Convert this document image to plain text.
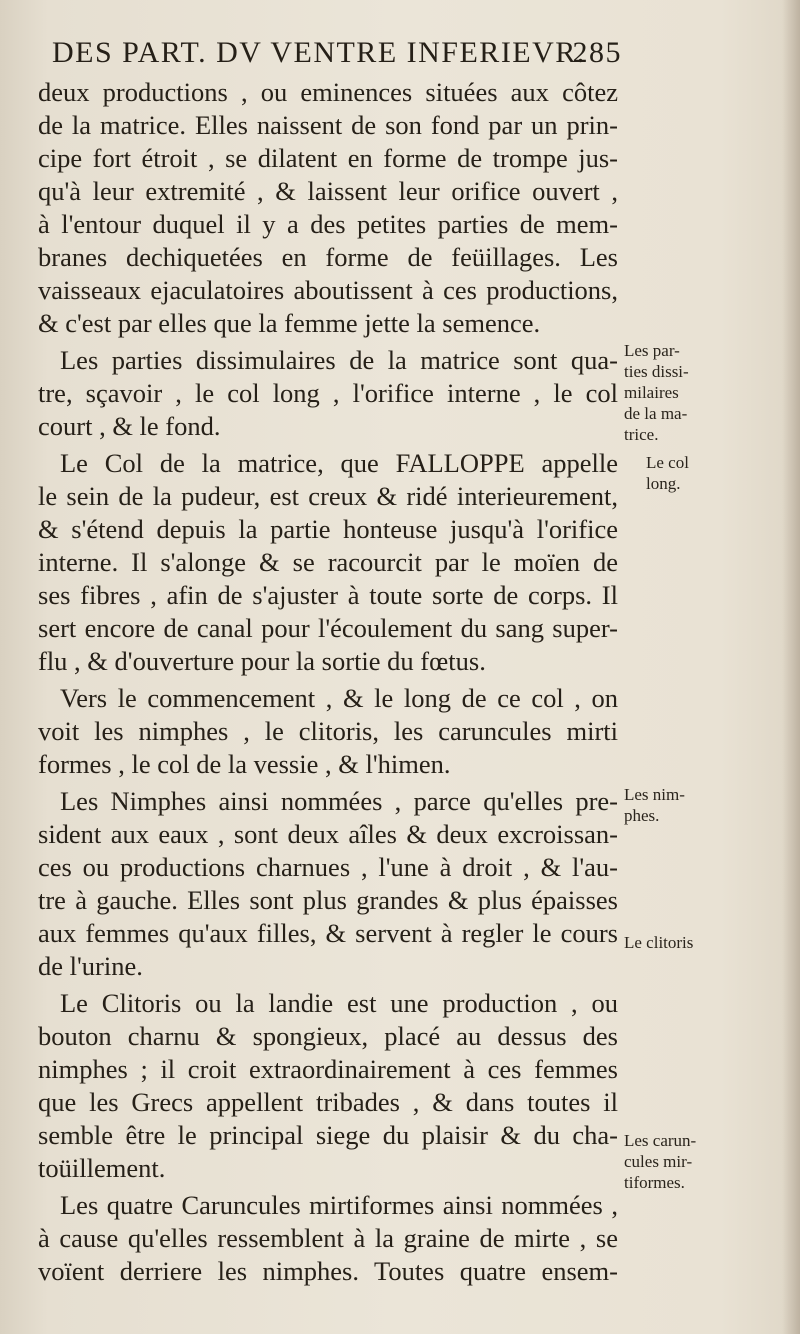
DES PART. DV VENTRE INFERIEVR.
285
deux productions , ou eminences situées aux côtez
de la matrice. Elles naissent de son fond par un prin-
cipe fort étroit , se dilatent en forme de trompe jus-
qu'à leur extremité , & laissent leur orifice ouvert ,
à l'entour duquel il y a des petites parties de mem-
branes dechiquetées en forme de feüillages. Les
vaisseaux ejaculatoires aboutissent à ces productions,
& c'est par elles que la femme jette la semence.
Les parties dissimulaires de la matrice sont qua-
tre, sçavoir , le col long , l'orifice interne , le col
court , & le fond.
Le Col de la matrice, que FALLOPPE appelle
le sein de la pudeur, est creux & ridé interieurement,
& s'étend depuis la partie honteuse jusqu'à l'orifice
interne. Il s'alonge & se racourcit par le moïen de
ses fibres , afin de s'ajuster à toute sorte de corps. Il
sert encore de canal pour l'écoulement du sang super-
flu , & d'ouverture pour la sortie du fœtus.
Vers le commencement , & le long de ce col , on
voit les nimphes , le clitoris, les caruncules mirti
formes , le col de la vessie , & l'himen.
Les Nimphes ainsi nommées , parce qu'elles pre-
sident aux eaux , sont deux aîles & deux excroissan-
ces ou productions charnues , l'une à droit , & l'au-
tre à gauche. Elles sont plus grandes & plus épaisses
aux femmes qu'aux filles, & servent à regler le cours
de l'urine.
Le Clitoris ou la landie est une production , ou
bouton charnu & spongieux, placé au dessus des
nimphes ; il croit extraordinairement à ces femmes
que les Grecs appellent tribades , & dans toutes il
semble être le principal siege du plaisir & du cha-
toüillement.
Les quatre Caruncules mirtiformes ainsi nommées ,
à cause qu'elles ressemblent à la graine de mirte , se
voïent derriere les nimphes. Toutes quatre ensem-
Les par-
ties dissi-
milaires
de la ma-
trice.
Le col
long.
Les nim-
phes.
Le clitoris
Les carun-
cules mir-
tiformes.
